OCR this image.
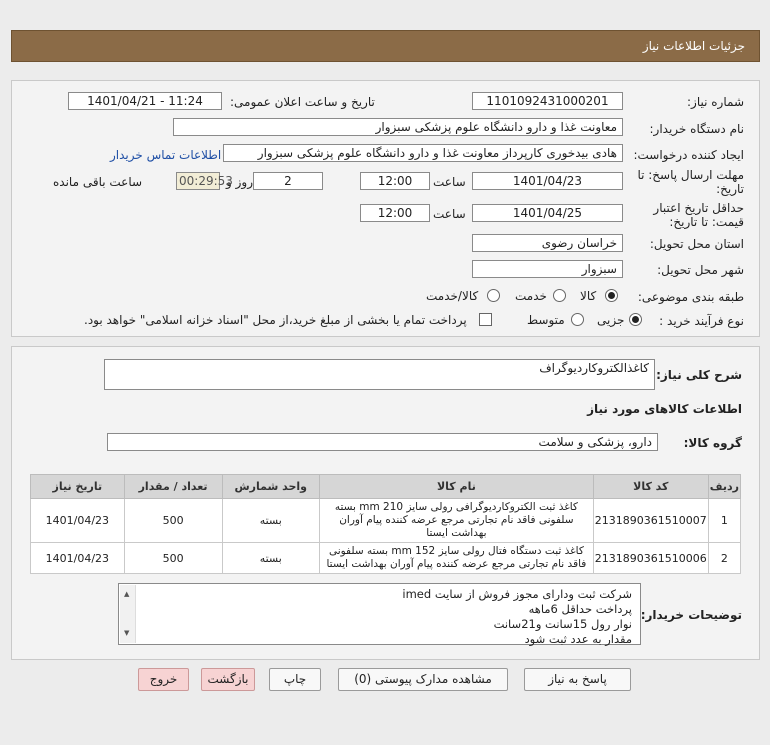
جزئیات اطلاعات نیاز
شماره نیاز:
1101092431000201
تاریخ و ساعت اعلان عمومی:
1401/04/21 - 11:24
نام دستگاه خریدار:
معاونت غذا و دارو دانشگاه علوم پزشکی سبزوار
ایجاد کننده درخواست:
هادی بیدخوری کارپرداز معاونت غذا و دارو دانشگاه علوم پزشکی سبزوار
اطلاعات تماس خریدار
مهلت ارسال پاسخ: تا
تاریخ:
1401/04/23
ساعت
12:00
2
روز و
00:29:53
ساعت باقی مانده
حداقل تاریخ اعتبار
قیمت: تا تاریخ:
1401/04/25
ساعت
12:00
استان محل تحویل:
خراسان رضوی
شهر محل تحویل:
سبزوار
طبقه بندی موضوعی:
کالا
خدمت
کالا/خدمت
نوع فرآیند خرید :
جزیی
متوسط
پرداخت تمام یا بخشی از مبلغ خرید،از محل "اسناد خزانه اسلامی" خواهد بود.
شرح کلی نیاز:
کاغذالکتروکاردیوگراف
اطلاعات کالاهای مورد نیاز
گروه کالا:
دارو، پزشکی و سلامت
ردیف	کد کالا	نام کالا	واحد شمارش	تعداد / مقدار	تاریخ نیاز
1	2131890361510007	کاغذ ثبت الکتروکاردیوگرافی رولی سایز mm 210 بسته سلفونی فاقد نام تجارتی مرجع عرضه کننده پیام آوران بهداشت ایستا	بسته	500	1401/04/23
2	2131890361510006	کاغذ ثبت دستگاه فتال رولی سایز mm 152 بسته سلفونی فاقد نام تجارتی مرجع عرضه کننده پیام آوران بهداشت ایستا	بسته	500	1401/04/23
توضیحات خریدار:
▲
▼
شرکت ثبت ودارای مجوز فروش از سایت imed
پرداخت حداقل 6ماهه
نوار رول 15سانت و21سانت
مقدار به عدد ثبت شود
پاسخ به نیاز
مشاهده مدارک پیوستی (0)
چاپ
بازگشت
خروج
